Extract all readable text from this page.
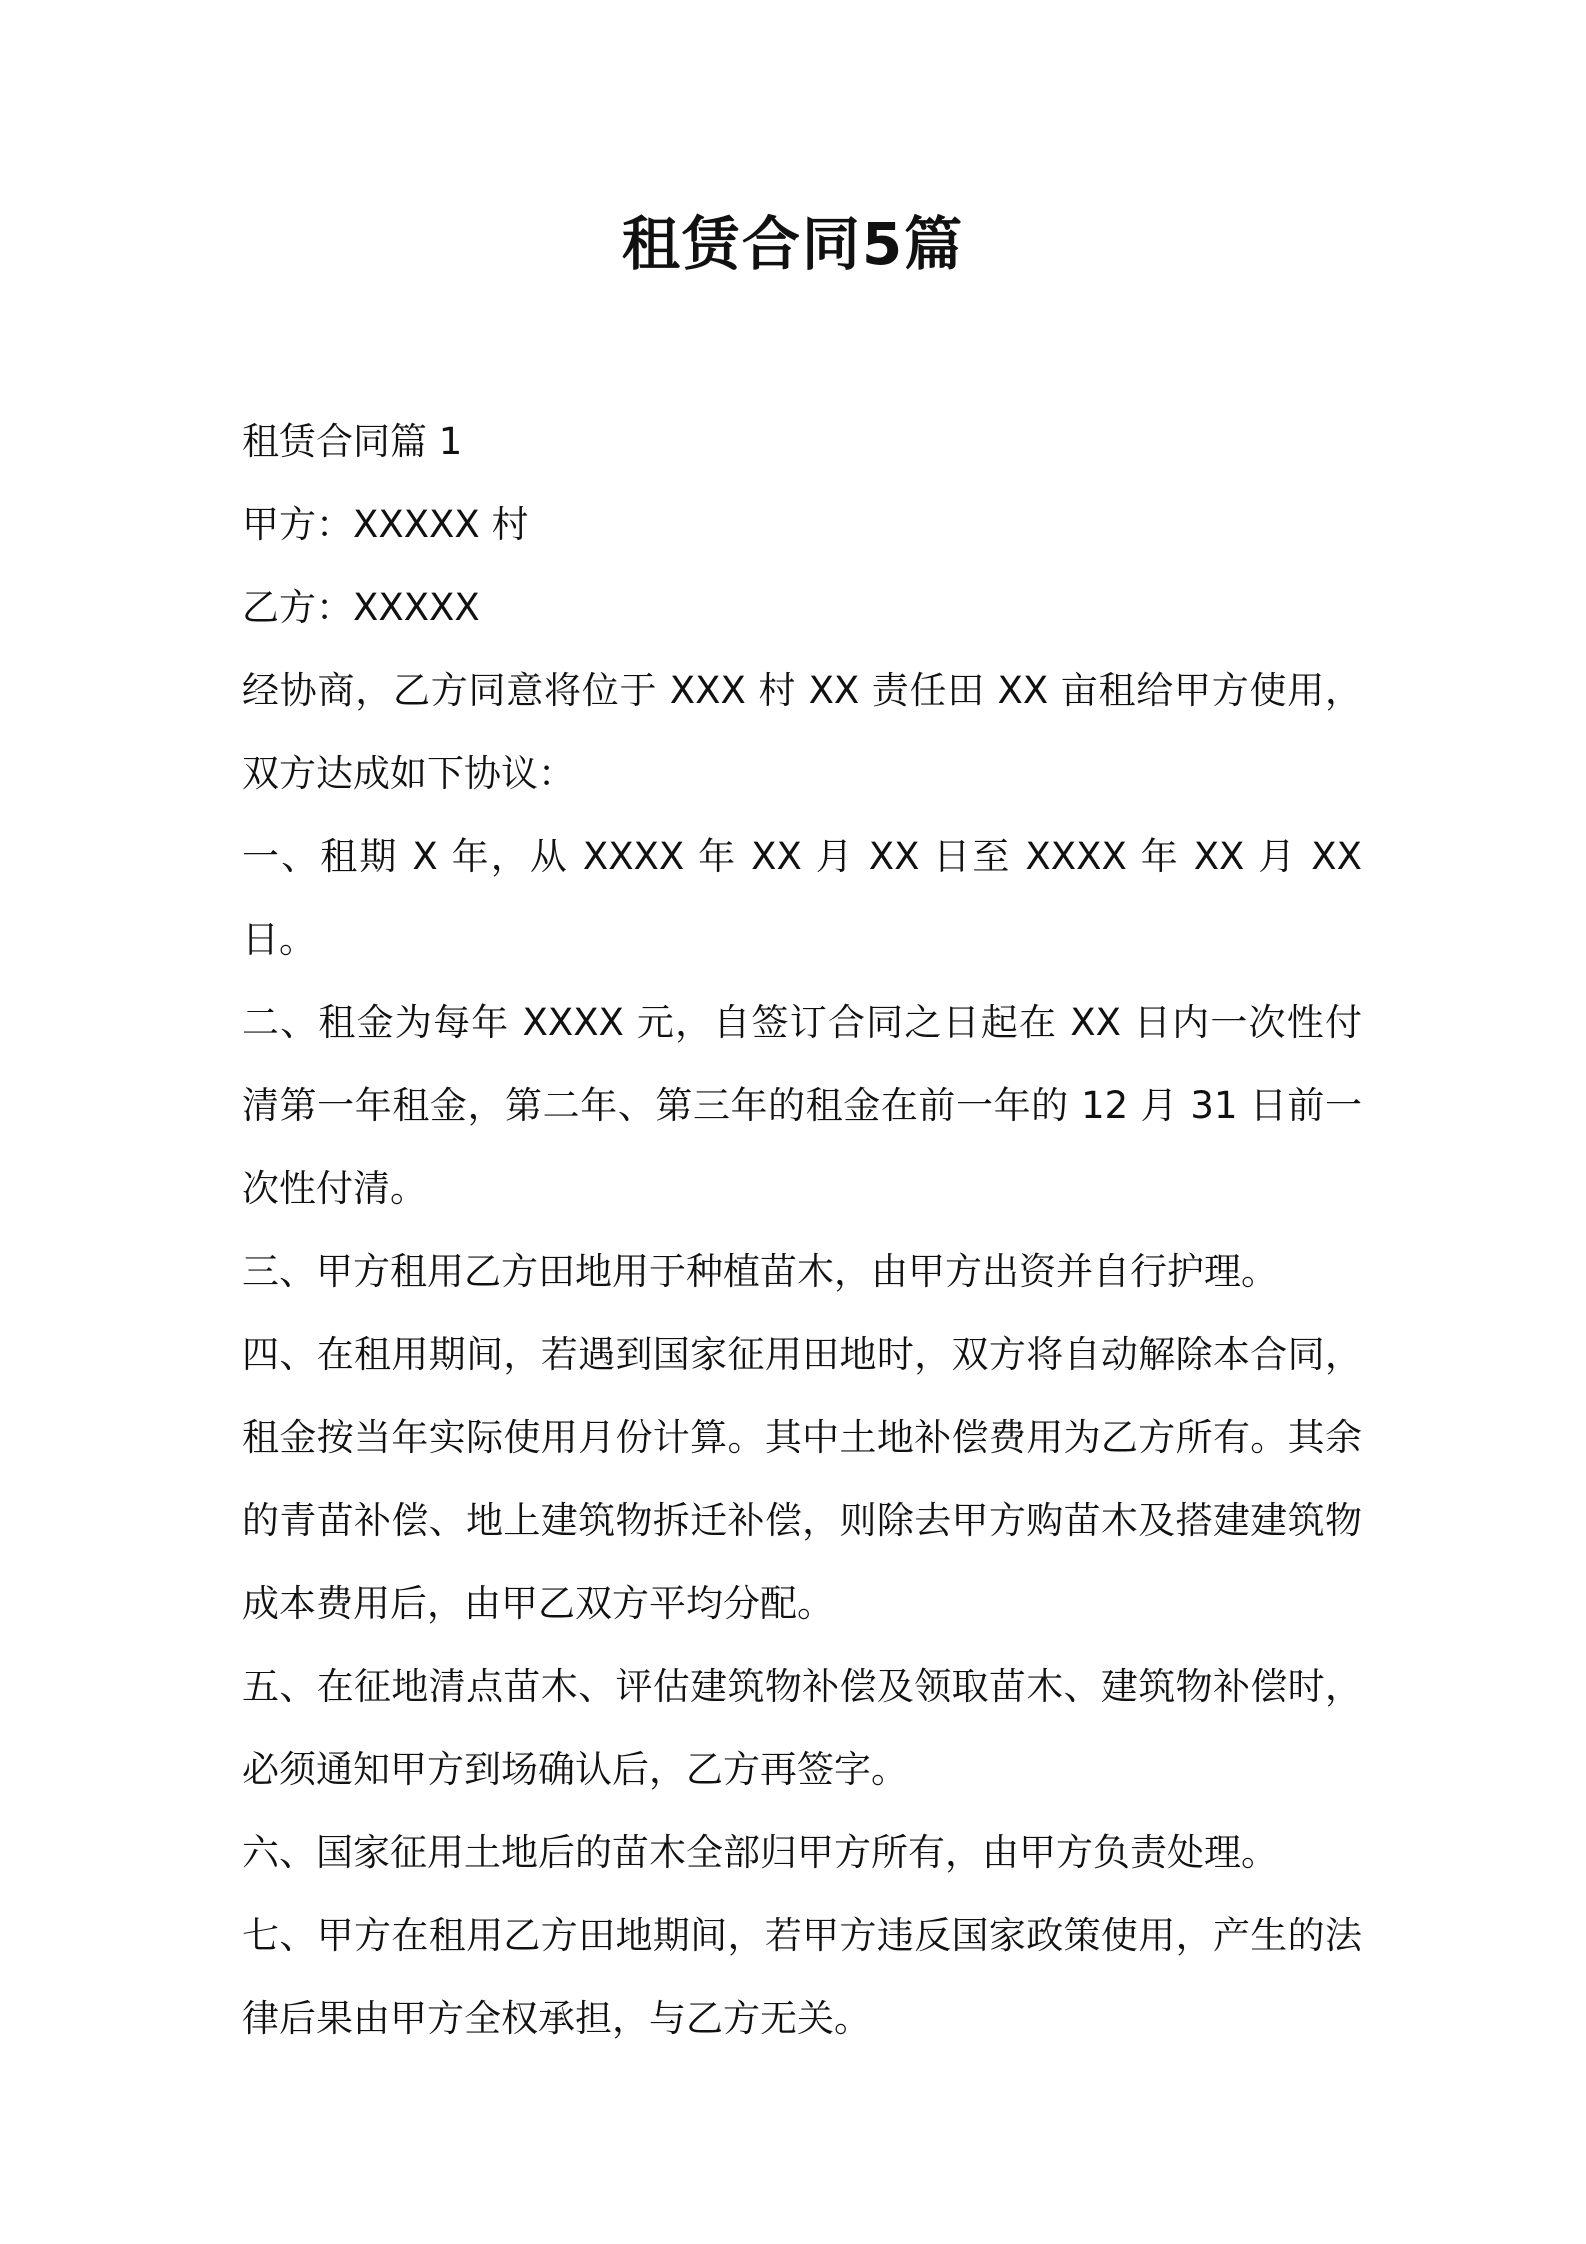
租赁合同5篇

租赁合同篇 1

甲方：XXXXX 村

乙方：XXXXX

经协商，乙方同意将位于 XXX 村 XX 责任田 XX 亩租给甲方使用，双方达成如下协议：

一、租期 X 年，从 XXXX 年 XX 月 XX 日至 XXXX 年 XX 月 XX 日。

二、租金为每年 XXXX 元，自签订合同之日起在 XX 日内一次性付清第一年租金，第二年、第三年的租金在前一年的 12 月 31 日前一次性付清。

三、甲方租用乙方田地用于种植苗木，由甲方出资并自行护理。

四、在租用期间，若遇到国家征用田地时，双方将自动解除本合同，租金按当年实际使用月份计算。其中土地补偿费用为乙方所有。其余的青苗补偿、地上建筑物拆迁补偿，则除去甲方购苗木及搭建建筑物成本费用后，由甲乙双方平均分配。

五、在征地清点苗木、评估建筑物补偿及领取苗木、建筑物补偿时，必须通知甲方到场确认后，乙方再签字。

六、国家征用土地后的苗木全部归甲方所有，由甲方负责处理。

七、甲方在租用乙方田地期间，若甲方违反国家政策使用，产生的法律后果由甲方全权承担，与乙方无关。
